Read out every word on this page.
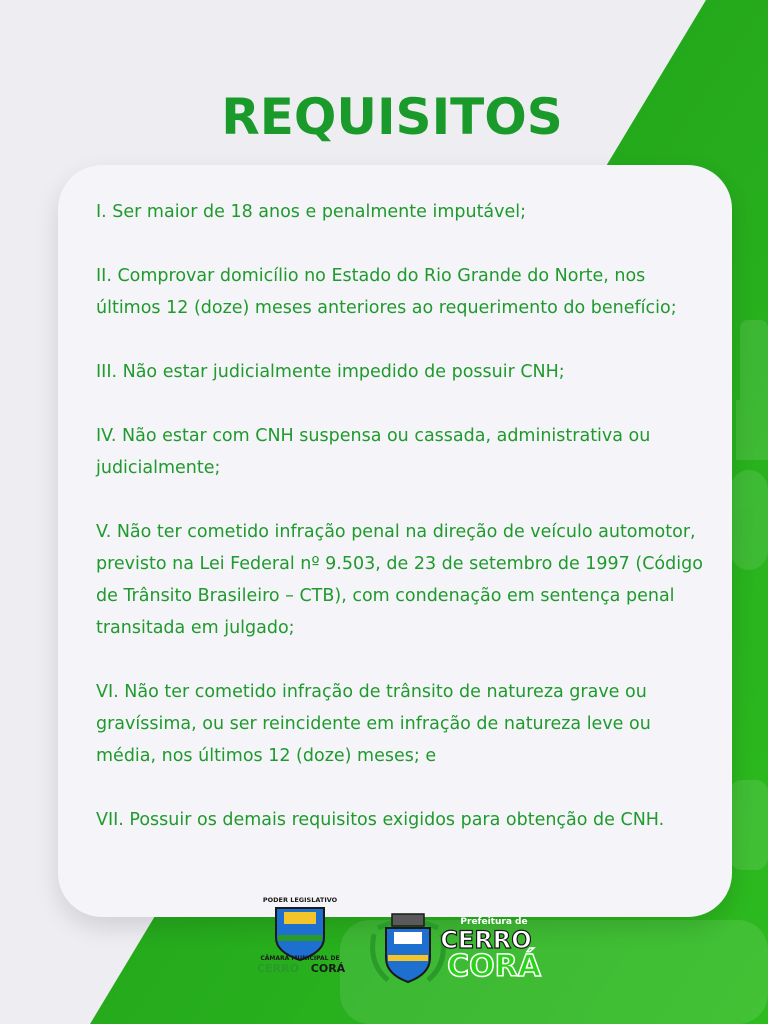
REQUISITOS
I. Ser maior de 18 anos e penalmente imputável;
II. Comprovar domicílio no Estado do Rio Grande do Norte, nos últimos 12 (doze) meses anteriores ao requerimento do benefício;
III. Não estar judicialmente impedido de possuir CNH;
IV. Não estar com CNH suspensa ou cassada, administrativa ou judicialmente;
V. Não ter cometido infração penal na direção de veículo automotor, previsto na Lei Federal nº 9.503, de 23 de setembro de 1997 (Código de Trânsito Brasileiro – CTB), com condenação em sentença penal transitada em julgado;
VI. Não ter cometido infração de trânsito de natureza grave ou gravíssima, ou ser reincidente em infração de natureza leve ou média, nos últimos 12 (doze) meses; e
VII. Possuir os demais requisitos exigidos para obtenção de CNH.
PODER LEGISLATIVO
CÂMARA MUNICIPAL DE
CERRO CORÁ
Prefeitura de
CERRO
CORÁ
